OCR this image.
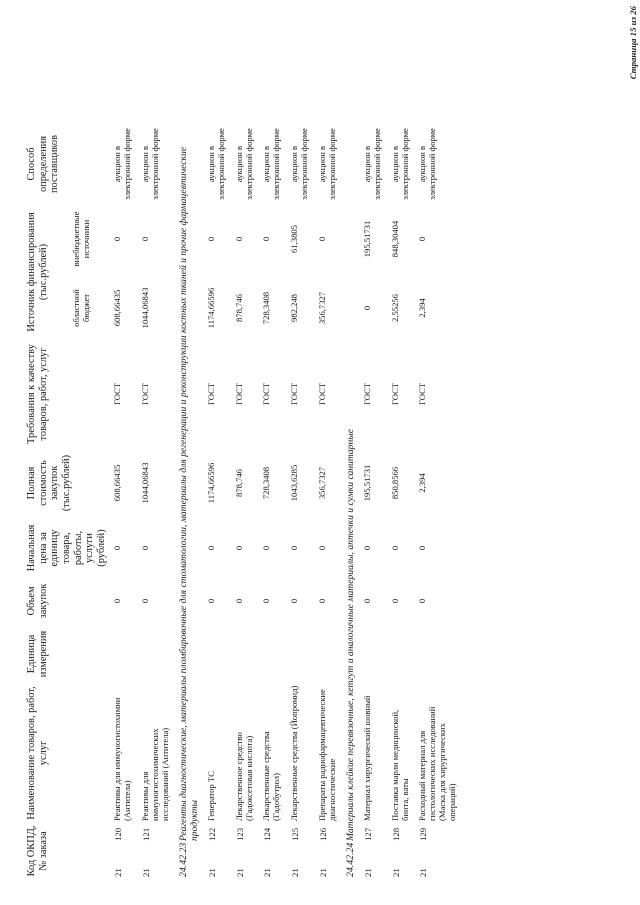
Код ОКПД, № заказа		Наименование товаров, работ, услуг	Единица измерения	Объем закупок	Начальная цена за единицу товара, работы, услуги (рублей)	Полная стоимость закупок (тыс.рублей)	Требования к качеству товаров, работ, услуг	Источник финансирования (тыс.рублей)		Способ определения поставщиков	
								областной бюджет	внебюджетные источники		
21	120	Реактивы для иммуногистохимии (Антитела)		0	0	608,66435	ГОСТ	608,66435	0	аукцион в электронной форме	
21	121	Реактивы для иммуногистохимических исследований (Антитела)		0	0	1044,06843	ГОСТ	1044,06843	0	аукцион в электронной форме	
24.42.23	Реагенты диагностические, материалы пломбировочные для стоматологии, материалы для регенерации и реконструкции костных тканей и прочие фармацевтические продукты										
21	122	Генератор ТС		0	0	1174,66596	ГОСТ	1174,66596	0	аукцион в электронной форме	
21	123	Лекарственное средство (Гадоксетовая кислота)		0	0	878,746	ГОСТ	878,746	0	аукцион в электронной форме	
21	124	Лекарственные средства (Гадобутрол)		0	0	728,3408	ГОСТ	728,3408	0	аукцион в электронной форме	
21	125	Лекарственные средства (Йопромид)		0	0	1043,6285	ГОСТ	982,248	61,3805	аукцион в электронной форме	
21	126	Препараты радиофармацевтические диагностические		0	0	356,7327	ГОСТ	356,7327	0	аукцион в электронной форме	
24.42.24	Материалы клейкие перевязочные, кетгут и аналогичные материалы, аптечки и сумки санитарные										
21	127	Материал хирургический шовный		0	0	195,51731	ГОСТ	0	195,51731	аукцион в электронной форме	
21	128	Поставка марли медицинской, бинта, ваты		0	0	850,8566	ГОСТ	2,55256	848,30404	аукцион в электронной форме	
21	129	Расходный материал для гистологических исследований (Маска для хирургических операций)		0	0	2,394	ГОСТ	2,394	0	аукцион в электронной форме	
Страница 15 из 26
